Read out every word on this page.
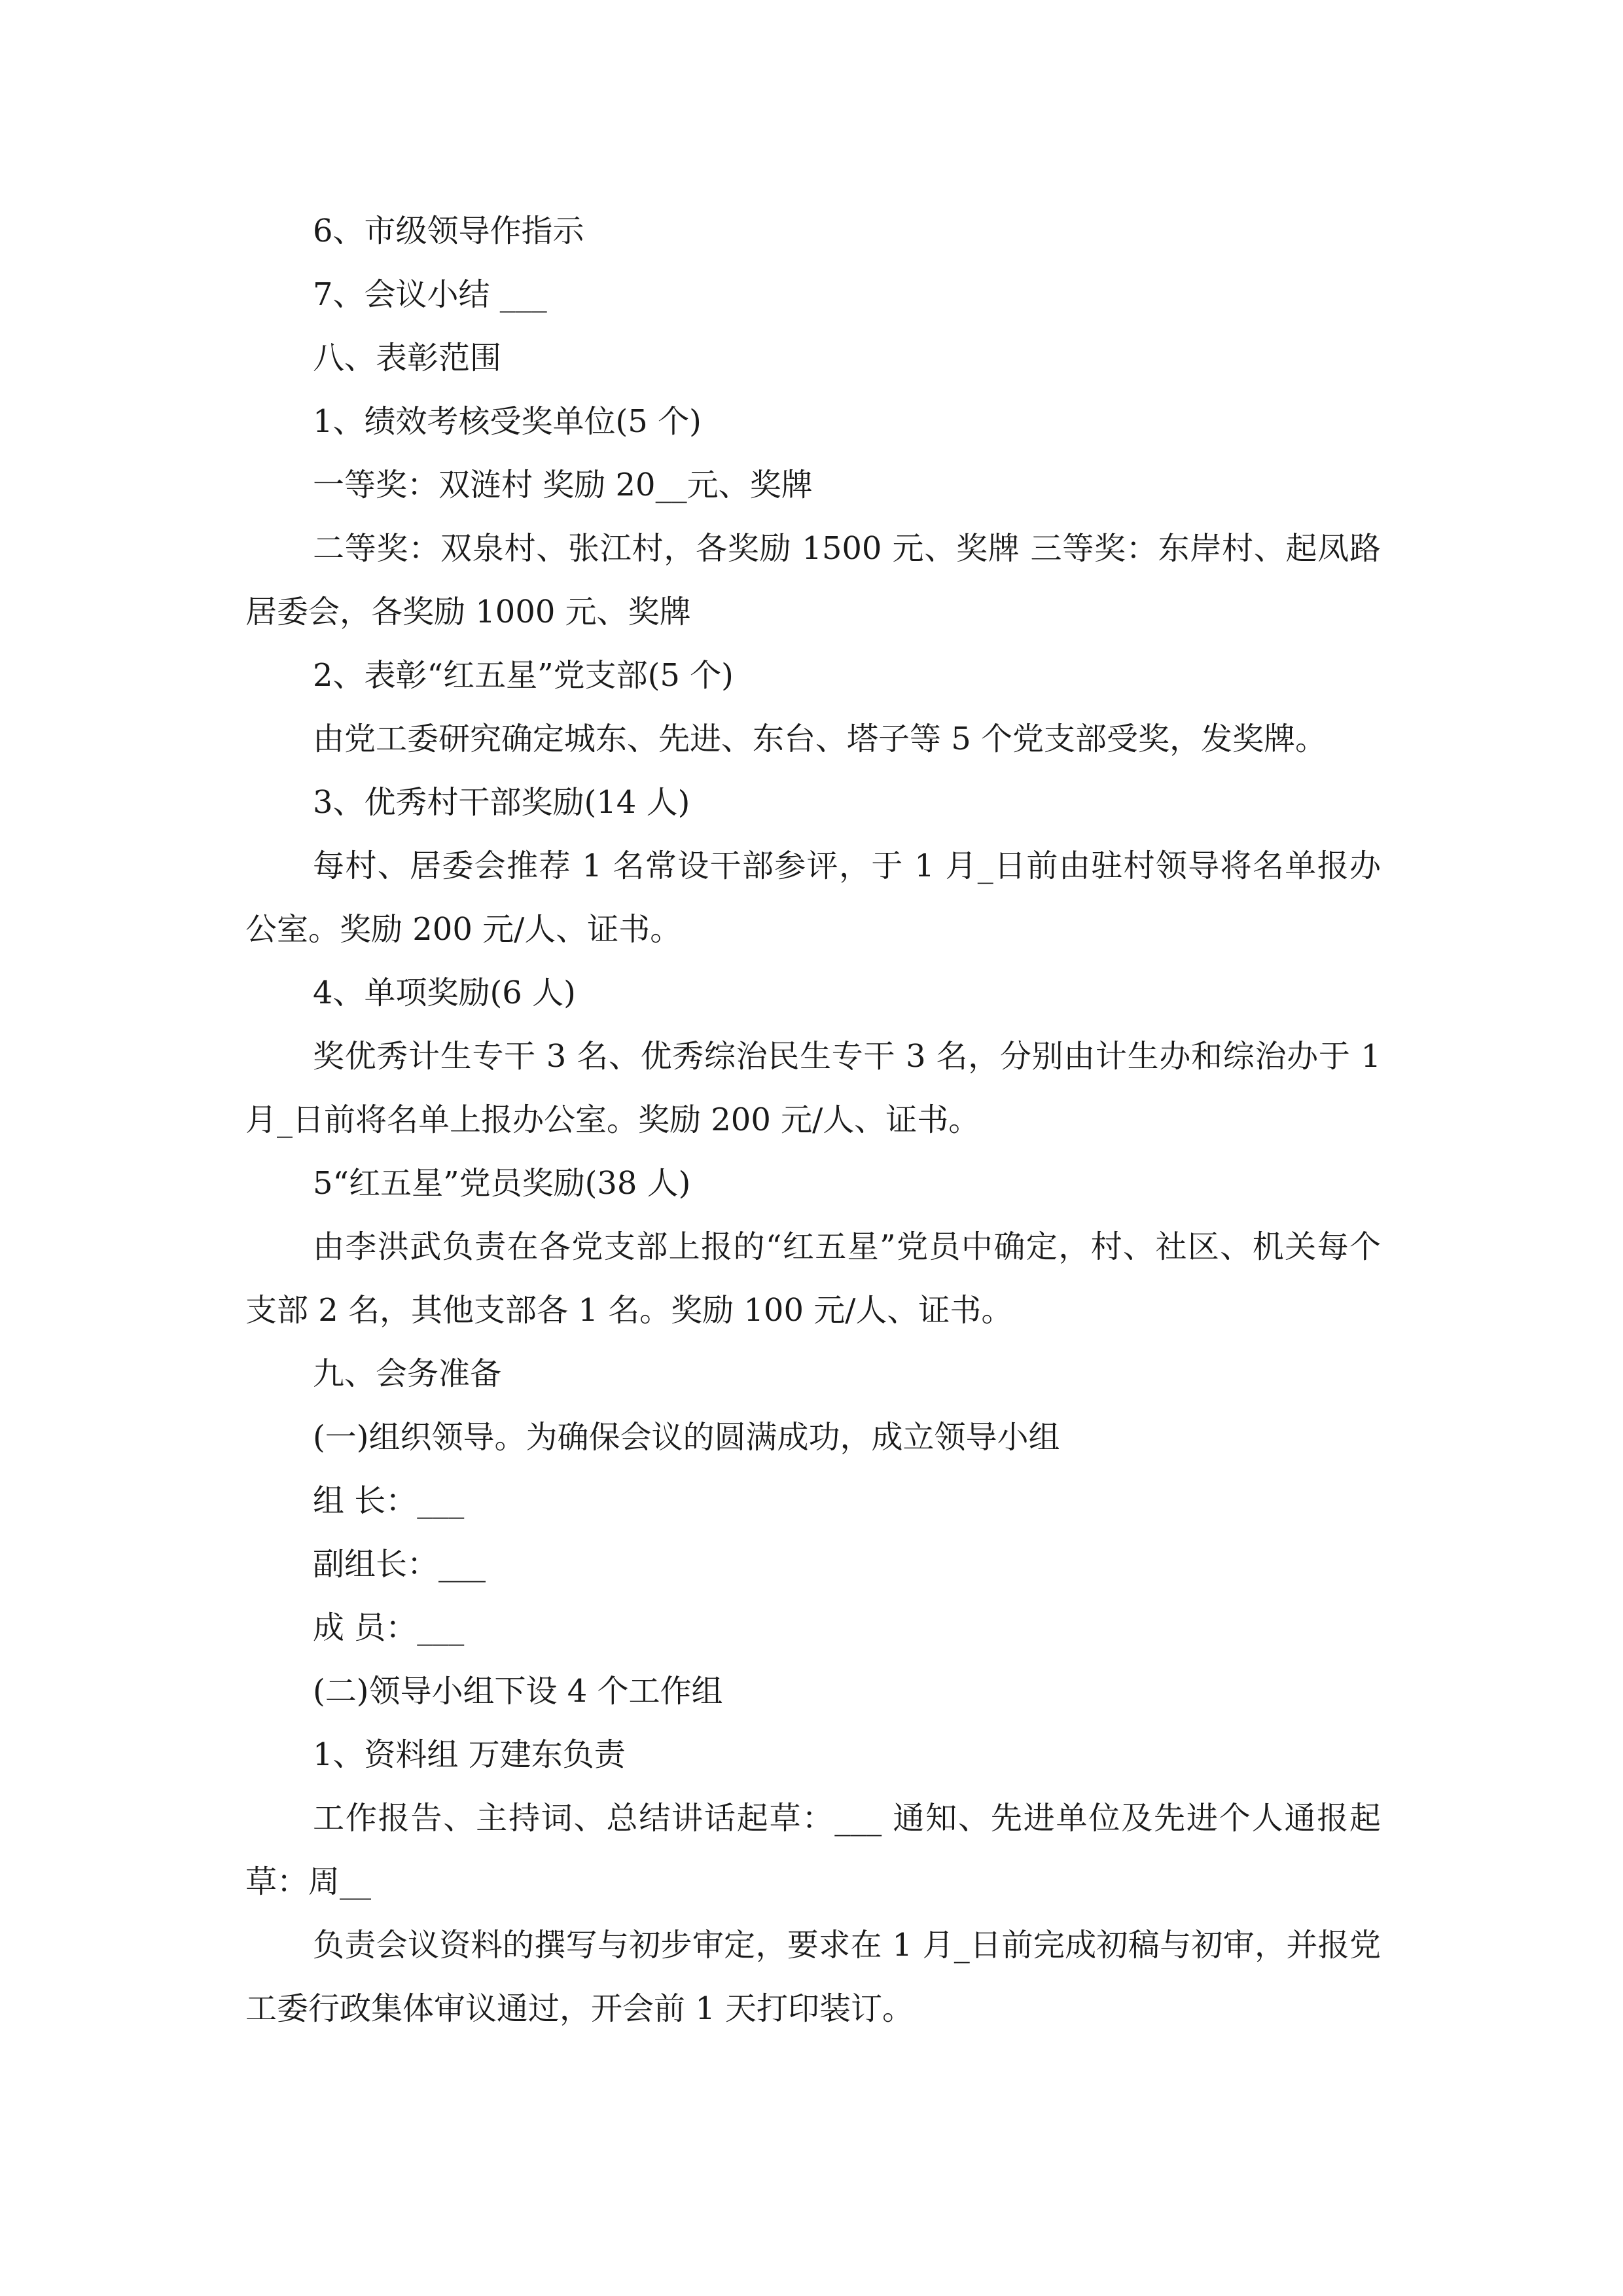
6、市级领导作指示

7、会议小结 ___

八、表彰范围

1、绩效考核受奖单位(5 个)

一等奖：双涟村 奖励 20__元、奖牌

二等奖：双泉村、张江村，各奖励 1500 元、奖牌 三等奖：东岸村、起凤路居委会，各奖励 1000 元、奖牌

2、表彰“红五星”党支部(5 个)

由党工委研究确定城东、先进、东台、塔子等 5 个党支部受奖，发奖牌。

3、优秀村干部奖励(14 人)

每村、居委会推荐 1 名常设干部参评，于 1 月_日前由驻村领导将名单报办公室。奖励 200 元/人、证书。

4、单项奖励(6 人)

奖优秀计生专干 3 名、优秀综治民生专干 3 名，分别由计生办和综治办于 1 月_日前将名单上报办公室。奖励 200 元/人、证书。

5“红五星”党员奖励(38 人)

由李洪武负责在各党支部上报的“红五星”党员中确定，村、社区、机关每个支部 2 名，其他支部各 1 名。奖励 100 元/人、证书。

九、会务准备

(一)组织领导。为确保会议的圆满成功，成立领导小组

组 长：___

副组长：___

成 员：___

(二)领导小组下设 4 个工作组

1、资料组 万建东负责

工作报告、主持词、总结讲话起草：___ 通知、先进单位及先进个人通报起草：周__

负责会议资料的撰写与初步审定，要求在 1 月_日前完成初稿与初审，并报党工委行政集体审议通过，开会前 1 天打印装订。
